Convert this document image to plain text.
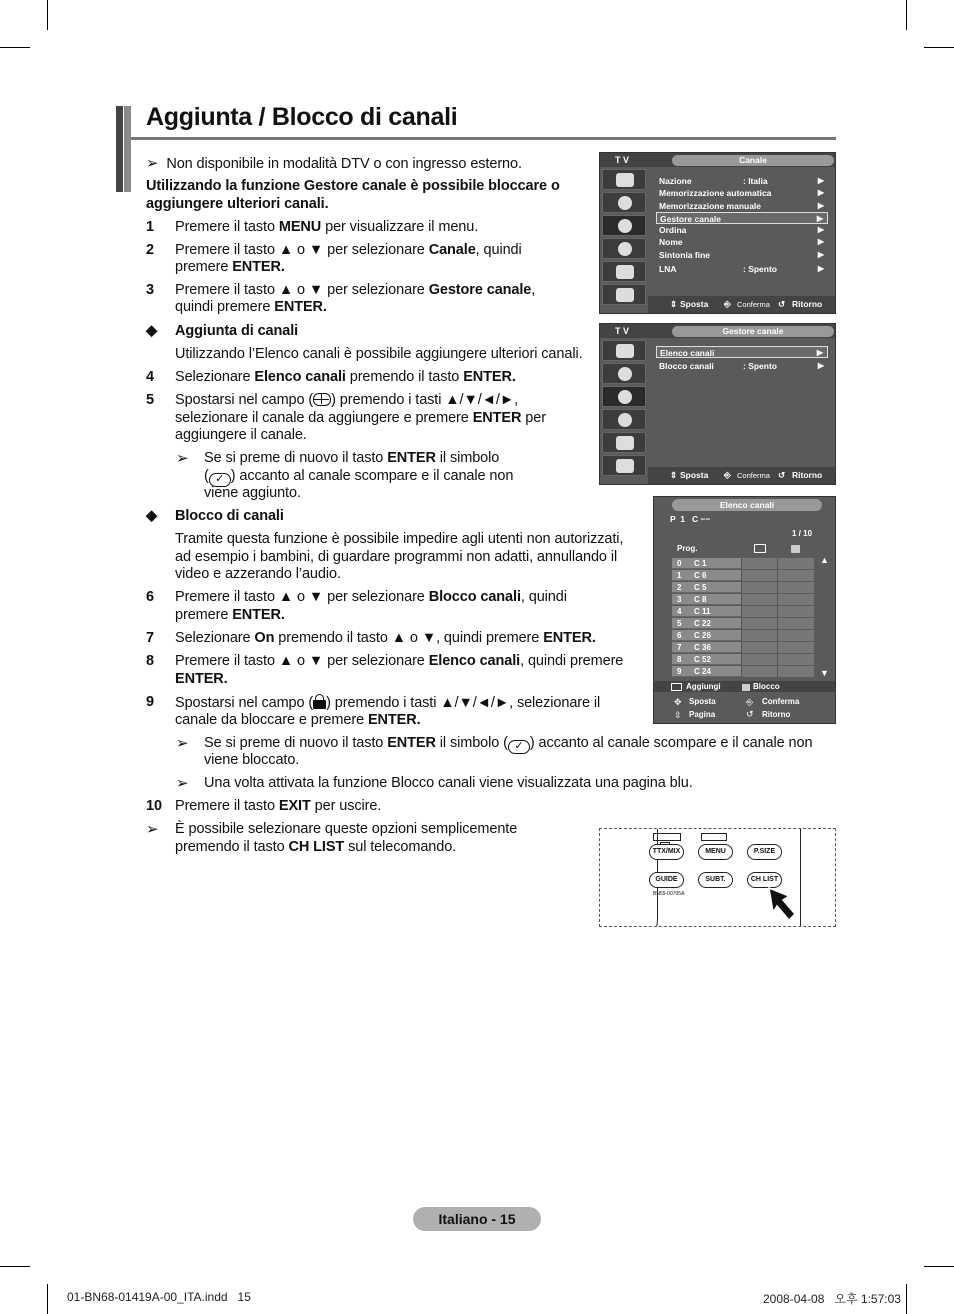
Aggiunta / Blocco di canali
➢ Non disponibile in modalità DTV o con ingresso esterno.
Utilizzando la funzione Gestore canale è possibile bloccare o aggiungere ulteriori canali.
1 Premere il tasto MENU per visualizzare il menu.
2 Premere il tasto ▲ o ▼ per selezionare Canale, quindi
premere ENTER.
3 Premere il tasto ▲ o ▼ per selezionare Gestore canale,
quindi premere ENTER.
◆ Aggiunta di canali
Utilizzando l’Elenco canali è possibile aggiungere ulteriori canali.
4 Selezionare Elenco canali premendo il tasto ENTER.
5 Spostarsi nel campo ( ) premendo i tasti ▲/▼/◄/►,
selezionare il canale da aggiungere e premere ENTER per
aggiungere il canale.
➢ Se si preme di nuovo il tasto ENTER il simbolo
( ✓ ) accanto al canale scompare e il canale non
viene aggiunto.
◆ Blocco di canali
Tramite questa funzione è possibile impedire agli utenti non autorizzati,
ad esempio i bambini, di guardare programmi non adatti, annullando il
video e azzerando l’audio.
6 Premere il tasto ▲ o ▼ per selezionare Blocco canali, quindi
premere ENTER.
7 Selezionare On premendo il tasto ▲ o ▼, quindi premere ENTER.
8 Premere il tasto ▲ o ▼ per selezionare Elenco canali, quindi premere
ENTER.
9 Spostarsi nel campo ( ) premendo i tasti ▲/▼/◄/►, selezionare il
canale da bloccare e premere ENTER.
➢ Se si preme di nuovo il tasto ENTER il simbolo ( ✓ ) accanto al canale scompare e il canale non
viene bloccato.
➢ Una volta attivata la funzione Blocco canali viene visualizzata una pagina blu.
10 Premere il tasto EXIT per uscire.
➢ È possibile selezionare queste opzioni semplicemente
premendo il tasto CH LIST sul telecomando.
T V	Canale
Nazione	: Italia	▶
Memorizzazione automatica	▶
Memorizzazione manuale	▶
Gestore canale	▶
Ordina	▶
Nome	▶
Sintonia fine	▶
LNA	: Spento	▶
⇕ Sposta ⎆ Conferma ↺ Ritorno
T V	Gestore canale
Elenco canali	▶
Blocco canali	: Spento	▶
⇕ Sposta ⎆ Conferma ↺ Ritorno
Elenco canali
P  1   C −−
1 / 10
Prog.
0 C 1
1 C 6
2 C 5
3 C 8
4 C 11
5 C 22
6 C 26
7 C 36
8 C 52
9 C 24
▲
▼
Aggiungi	Blocco
✥ Sposta	⎆ Conferma
⇳ Pagina	↺ Ritorno
TTX/MIX	MENU	P.SIZE
GUIDE	SUBT.	CH LIST
BN59-00705A
Italiano - 15
01-BN68-01419A-00_ITA.indd   15	2008-04-08   오후 1:57:03
